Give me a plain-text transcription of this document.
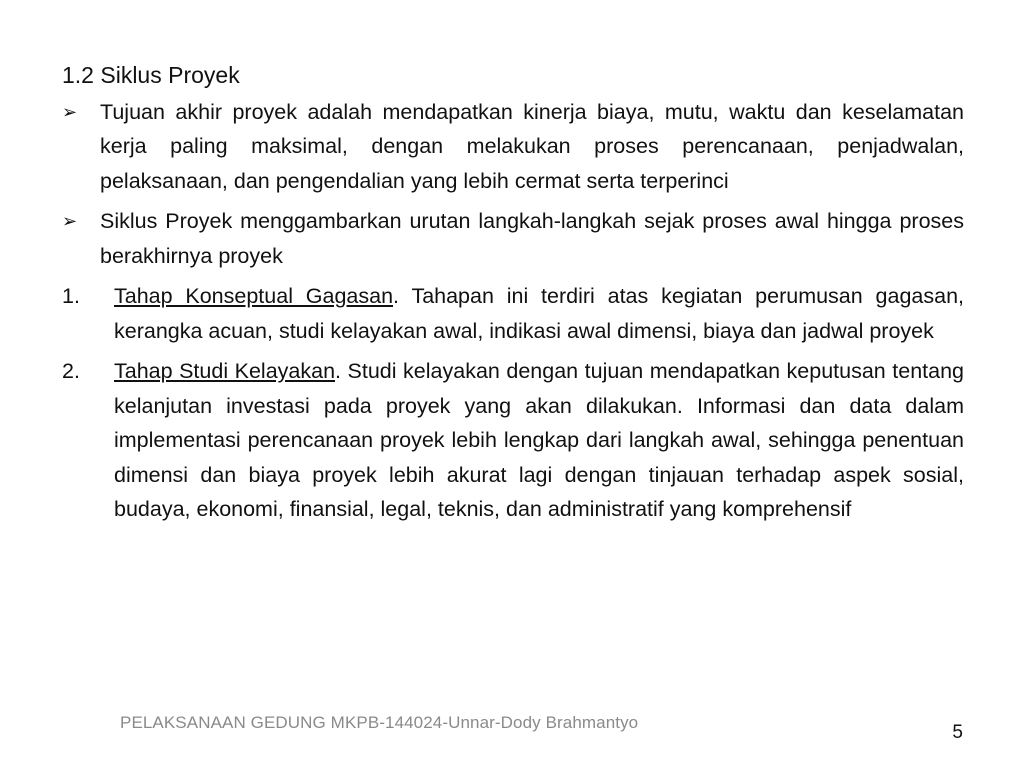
1.2 Siklus Proyek
➢	Tujuan akhir proyek adalah mendapatkan kinerja biaya, mutu, waktu dan keselamatan kerja paling maksimal, dengan melakukan proses perencanaan, penjadwalan, pelaksanaan, dan pengendalian yang lebih cermat serta terperinci
➢	Siklus Proyek menggambarkan urutan langkah-langkah sejak proses awal hingga proses berakhirnya proyek
1.	Tahap Konseptual Gagasan. Tahapan ini terdiri atas kegiatan perumusan gagasan, kerangka acuan, studi kelayakan awal, indikasi awal dimensi, biaya dan jadwal proyek
2.	Tahap Studi Kelayakan. Studi kelayakan dengan tujuan mendapatkan keputusan tentang kelanjutan investasi pada proyek yang akan dilakukan. Informasi dan data dalam implementasi perencanaan proyek lebih lengkap dari langkah awal, sehingga penentuan dimensi dan biaya proyek lebih akurat lagi dengan tinjauan terhadap aspek sosial, budaya, ekonomi, finansial, legal, teknis, dan administratif yang komprehensif
PELAKSANAAN GEDUNG MKPB-144024-Unnar-Dody Brahmantyo	5
